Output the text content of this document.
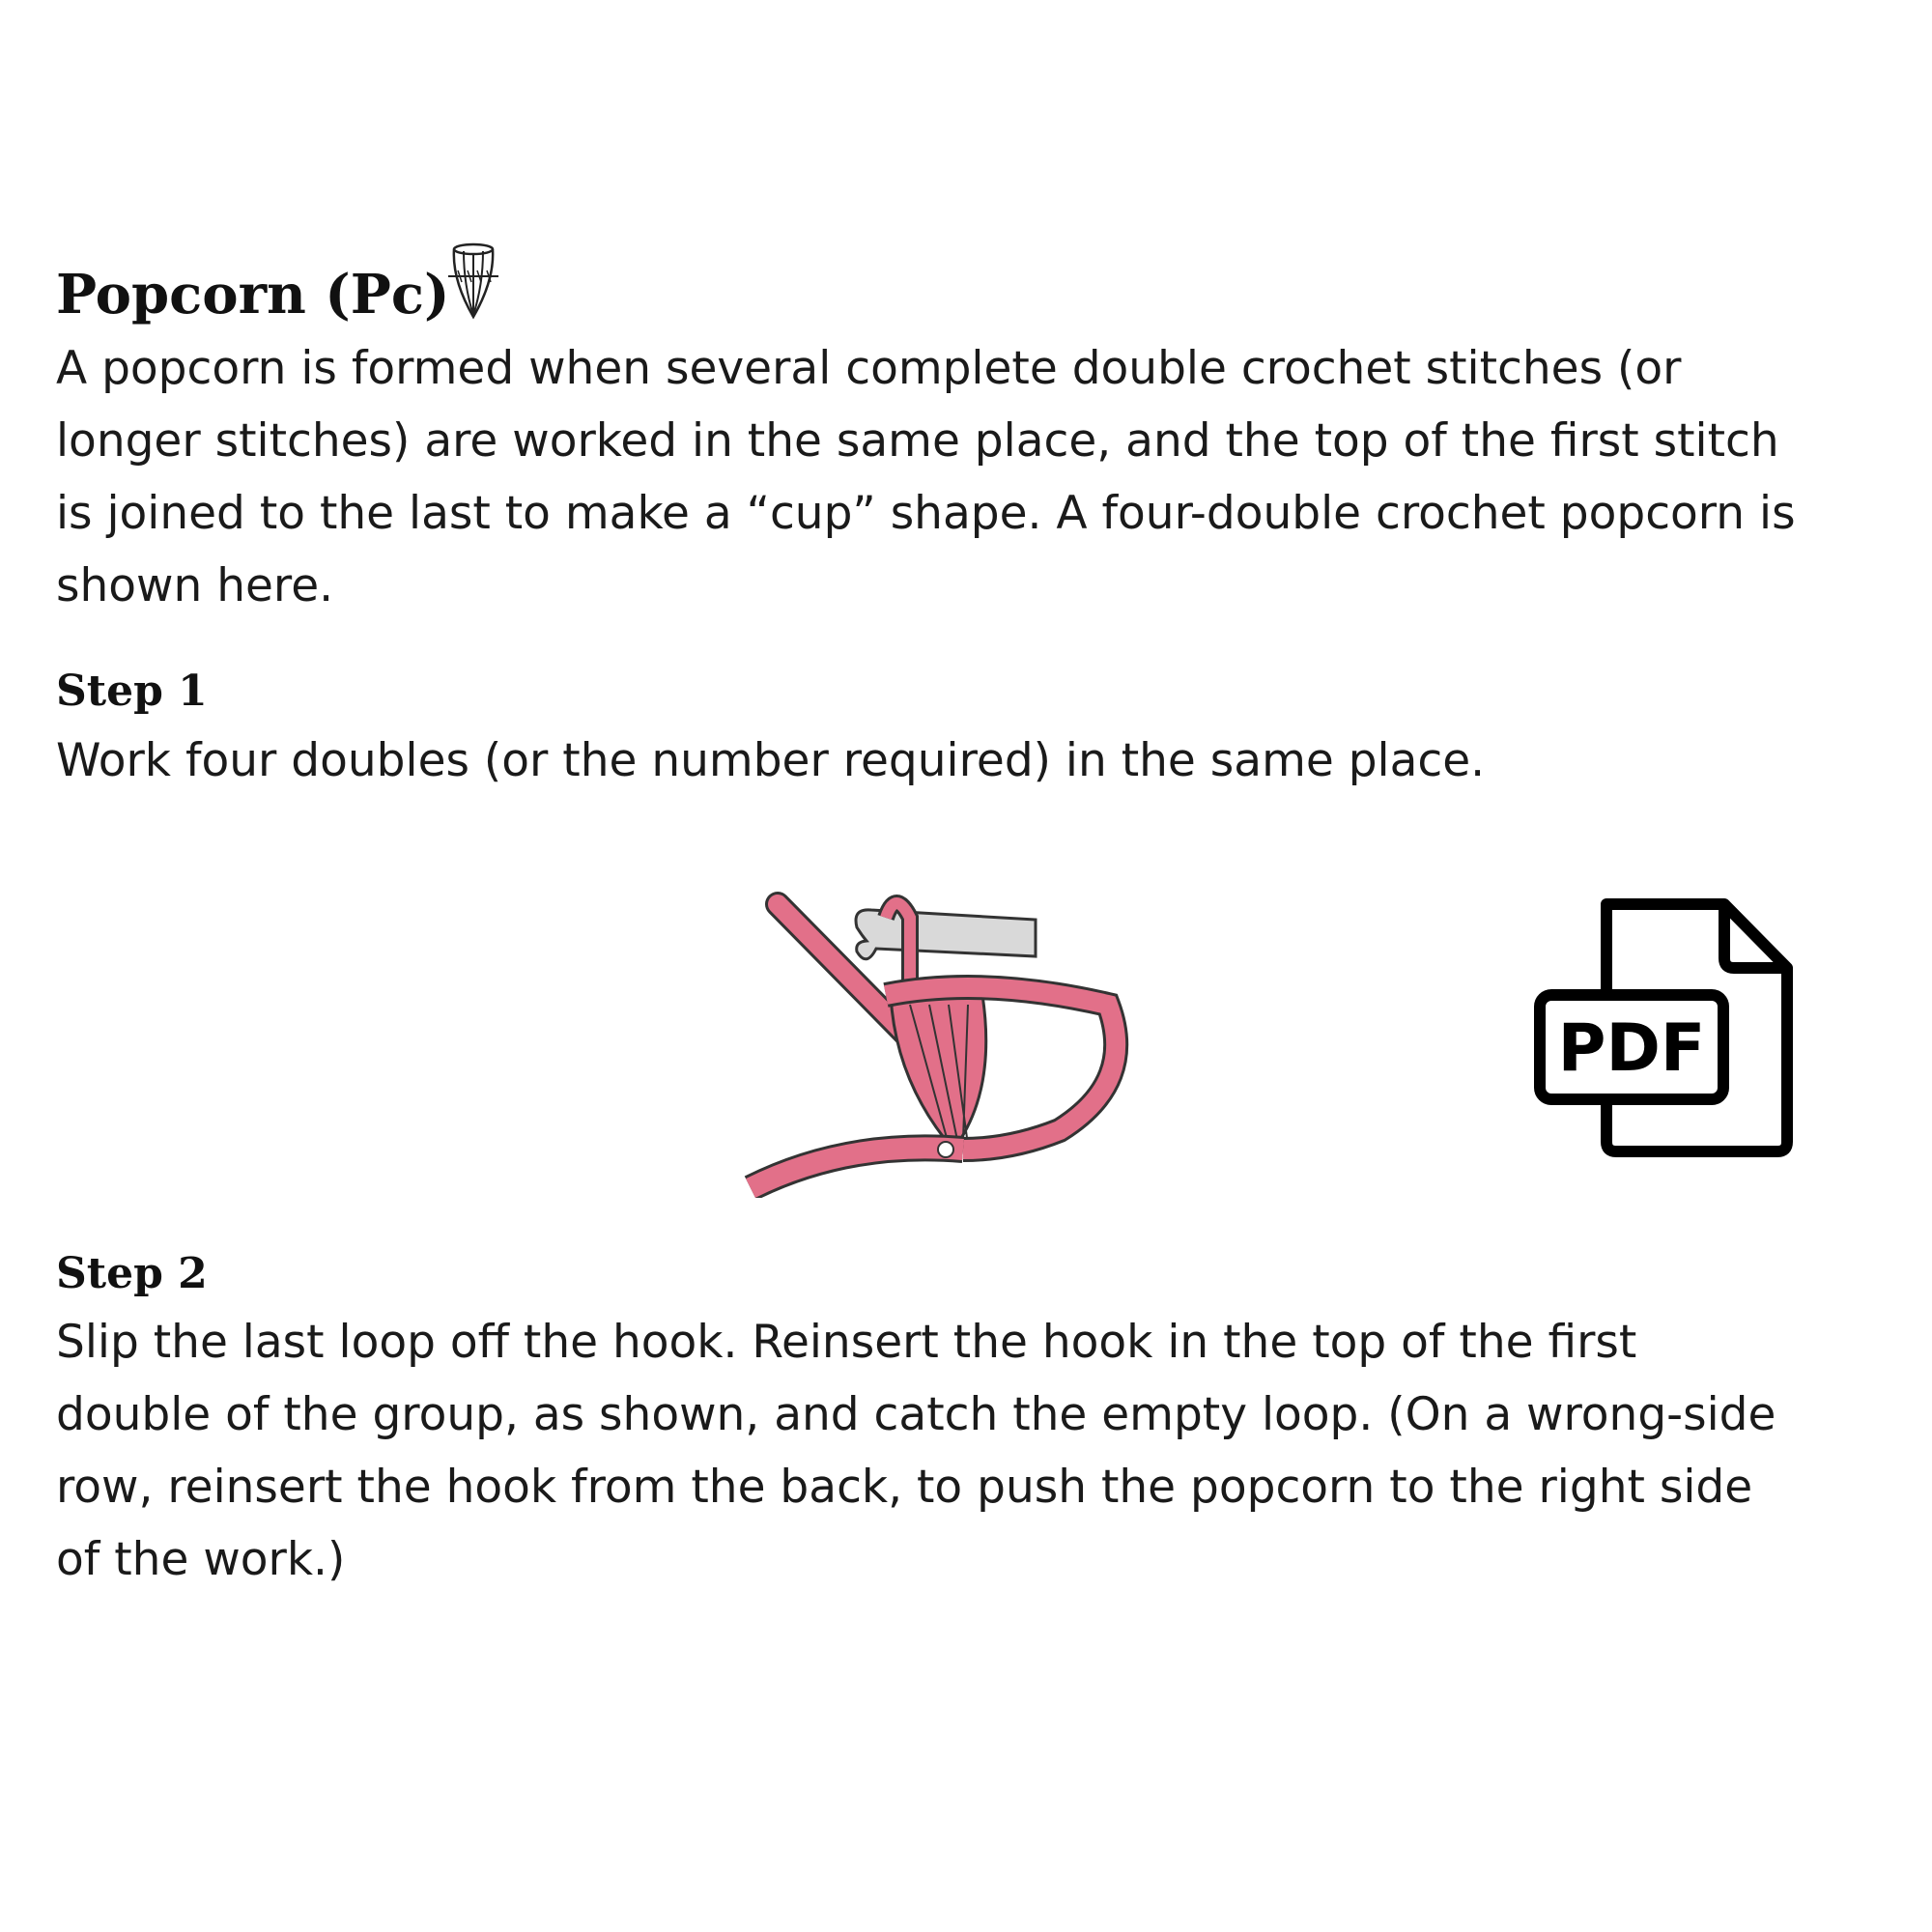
Popcorn (Pc)
A popcorn is formed when several complete double crochet stitches (or
longer stitches) are worked in the same place, and the top of the first stitch
is joined to the last to make a “cup” shape. A four-double crochet popcorn is
shown here.
Step 1
Work four doubles (or the number required) in the same place.
PDF
Step 2
Slip the last loop off the hook. Reinsert the hook in the top of the first
double of the group, as shown, and catch the empty loop. (On a wrong-side
row, reinsert the hook from the back, to push the popcorn to the right side
of the work.)
